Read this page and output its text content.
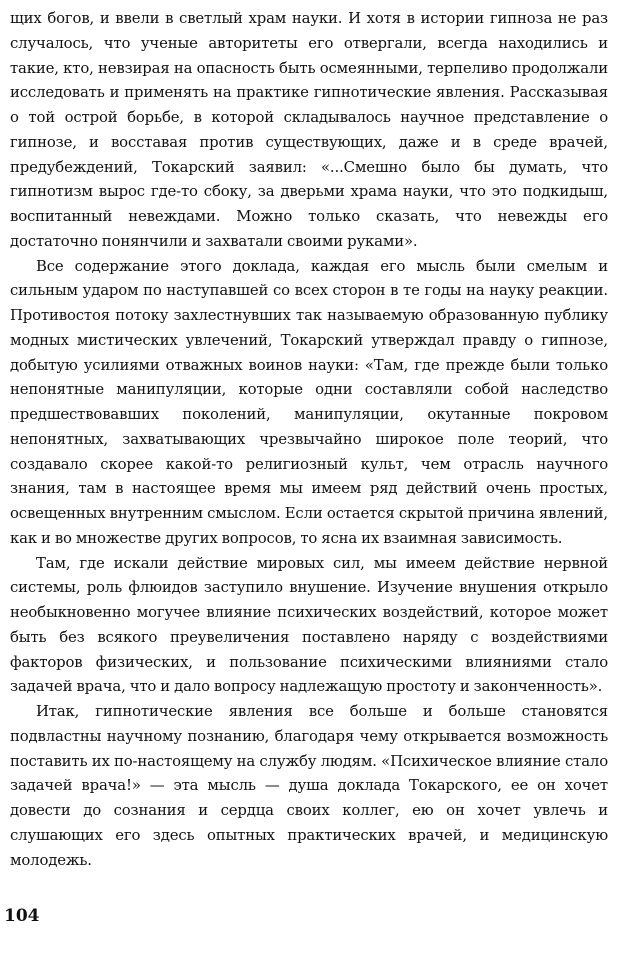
щих богов, и ввели в светлый храм науки. И хотя в истории гипноза не раз случалось, что ученые авторитеты его отвергали, всегда находились и такие, кто, невзирая на опасность быть осмеянными, терпеливо продолжали исследовать и применять на практике гипнотические явления. Рассказывая о той острой борьбе, в которой складывалось научное представление о гипнозе, и восставая против существующих, даже и в среде врачей, предубеждений, Токарский заявил: «...Смешно было бы думать, что гипнотизм вырос где-то сбоку, за дверьми храма науки, что это подкидыш, воспитанный невеждами. Можно только сказать, что невежды его достаточно понянчили и захватали своими руками».

Все содержание этого доклада, каждая его мысль были смелым и сильным ударом по наступавшей со всех сторон в те годы на науку реакции. Противостоя потоку захлестнувших так называемую образованную публику модных мистических увлечений, Токарский утверждал правду о гипнозе, добытую усилиями отважных воинов науки: «Там, где прежде были только непонятные манипуляции, которые одни составляли собой наследство предшествовавших поколений, манипуляции, окутанные покровом непонятных, захватывающих чрезвычайно широкое поле теорий, что создавало скорее какой-то религиозный культ, чем отрасль научного знания, там в настоящее время мы имеем ряд действий очень простых, освещенных внутренним смыслом. Если остается скрытой причина явлений, как и во множестве других вопросов, то ясна их взаимная зависимость.

Там, где искали действие мировых сил, мы имеем действие нервной системы, роль флюидов заступило внушение. Изучение внушения открыло необыкновенно могучее влияние психических воздействий, которое может быть без всякого преувеличения поставлено наряду с воздействиями факторов физических, и пользование психическими влияниями стало задачей врача, что и дало вопросу надлежащую простоту и законченность».

Итак, гипнотические явления все больше и больше становятся подвластны научному познанию, благодаря чему открывается возможность поставить их по-настоящему на службу людям. «Психическое влияние стало задачей врача!» — эта мысль — душа доклада Токарского, ее он хочет довести до сознания и сердца своих коллег, ею он хочет увлечь и слушающих его здесь опытных практических врачей, и медицинскую молодежь.

104
